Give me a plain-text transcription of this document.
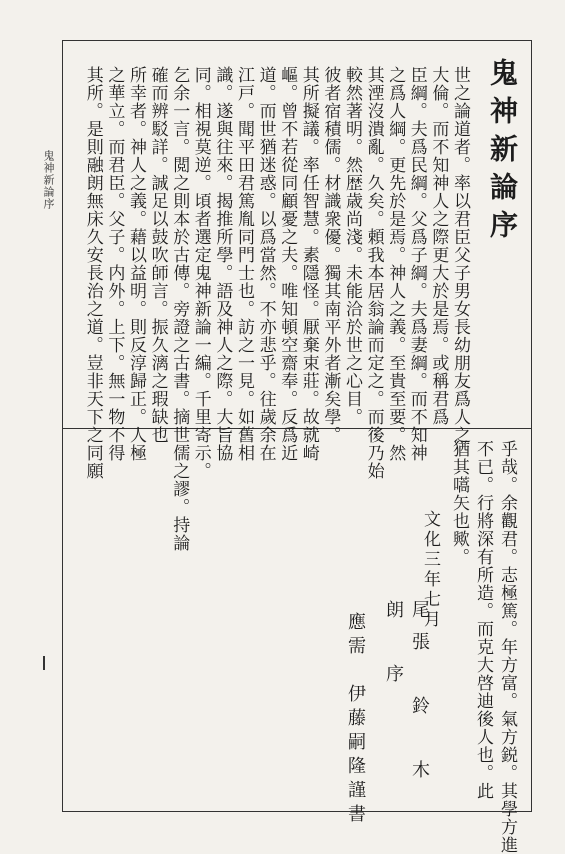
鬼神新論序	鬼神新論序
世之論道者。率以君臣父子男女長幼朋友爲人之
大倫。而不知神人之際更大於是焉。或稱君爲
臣綱。夫爲民綱。父爲子綱。夫爲妻綱。而不知神
之爲人綱。更先於是焉。神人之義。至貴至要。然
其湮沒潰亂。久矣。頼我本居翁論而定之。而後乃始
較然著明。然歴歳尚淺。未能洽於世之心目。
彼者宿積儒。材識衆優。獨其南平外者漸矣學。
其所擬議。率任智慧。素隱怪。厭棄束莊。故就崎
嶇。曾不若從同顧憂之夫。唯知頓空齋奉。反爲近
道。而世猶迷惑。以爲當然。不亦悲乎。往歲余在
江戸。聞平田君篤胤同門士也。訪之一見。如舊相
識。遂與往來。揭推所學。語及神人之際。大旨協
同。相視莫逆。頃者選定鬼神新論一編。千里寄示。
乞余一言。閲之則本於古傳。旁證之古書。摘世儒之謬。持論
確而辨駁詳。誠足以鼓吹師言。振久漓之瑕缺也
所幸者。神人之義。藉以益明。則反淳歸正。人極
之華立。而君臣。父子。内外。上下。無一物不得
其所。是則融朗無床久安長治之道。豈非天下之同願
乎哉。余觀君。志極篤。年方富。氣方鋭。其學方進
不已。行將深有所造。而克大啓迪後人也。此
猶其嚆矢也歟。
文化三年七月
尾張　鈴　木　朗　序
應需　伊藤嗣隆謹書
